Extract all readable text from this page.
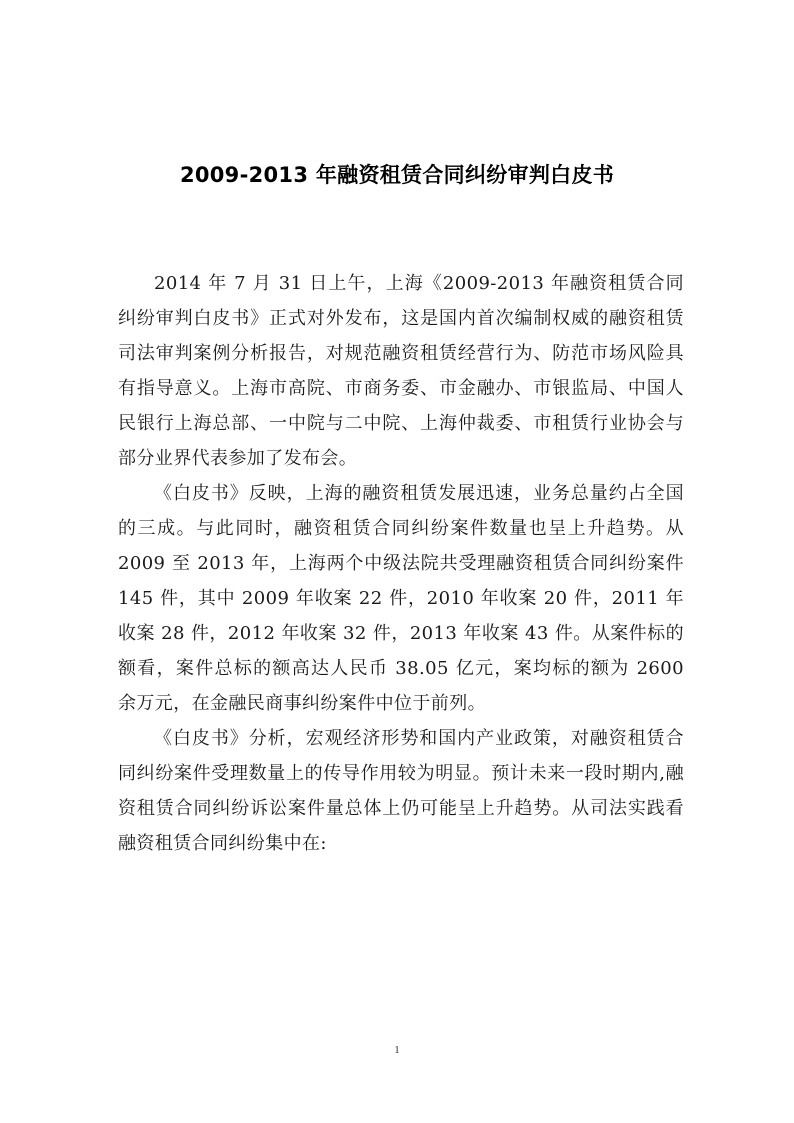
2009-2013 年融资租赁合同纠纷审判白皮书

2014 年 7 月 31 日上午，上海《2009-2013 年融资租赁合同纠纷审判白皮书》正式对外发布，这是国内首次编制权威的融资租赁司法审判案例分析报告，对规范融资租赁经营行为、防范市场风险具有指导意义。上海市高院、市商务委、市金融办、市银监局、中国人民银行上海总部、一中院与二中院、上海仲裁委、市租赁行业协会与部分业界代表参加了发布会。

《白皮书》反映，上海的融资租赁发展迅速，业务总量约占全国的三成。与此同时，融资租赁合同纠纷案件数量也呈上升趋势。从 2009 至 2013 年，上海两个中级法院共受理融资租赁合同纠纷案件 145 件，其中 2009 年收案 22 件，2010 年收案 20 件，2011 年收案 28 件，2012 年收案 32 件，2013 年收案 43 件。从案件标的额看，案件总标的额高达人民币 38.05 亿元，案均标的额为 2600 余万元，在金融民商事纠纷案件中位于前列。

《白皮书》分析，宏观经济形势和国内产业政策，对融资租赁合同纠纷案件受理数量上的传导作用较为明显。预计未来一段时期内,融资租赁合同纠纷诉讼案件量总体上仍可能呈上升趋势。从司法实践看融资租赁合同纠纷集中在:

1
